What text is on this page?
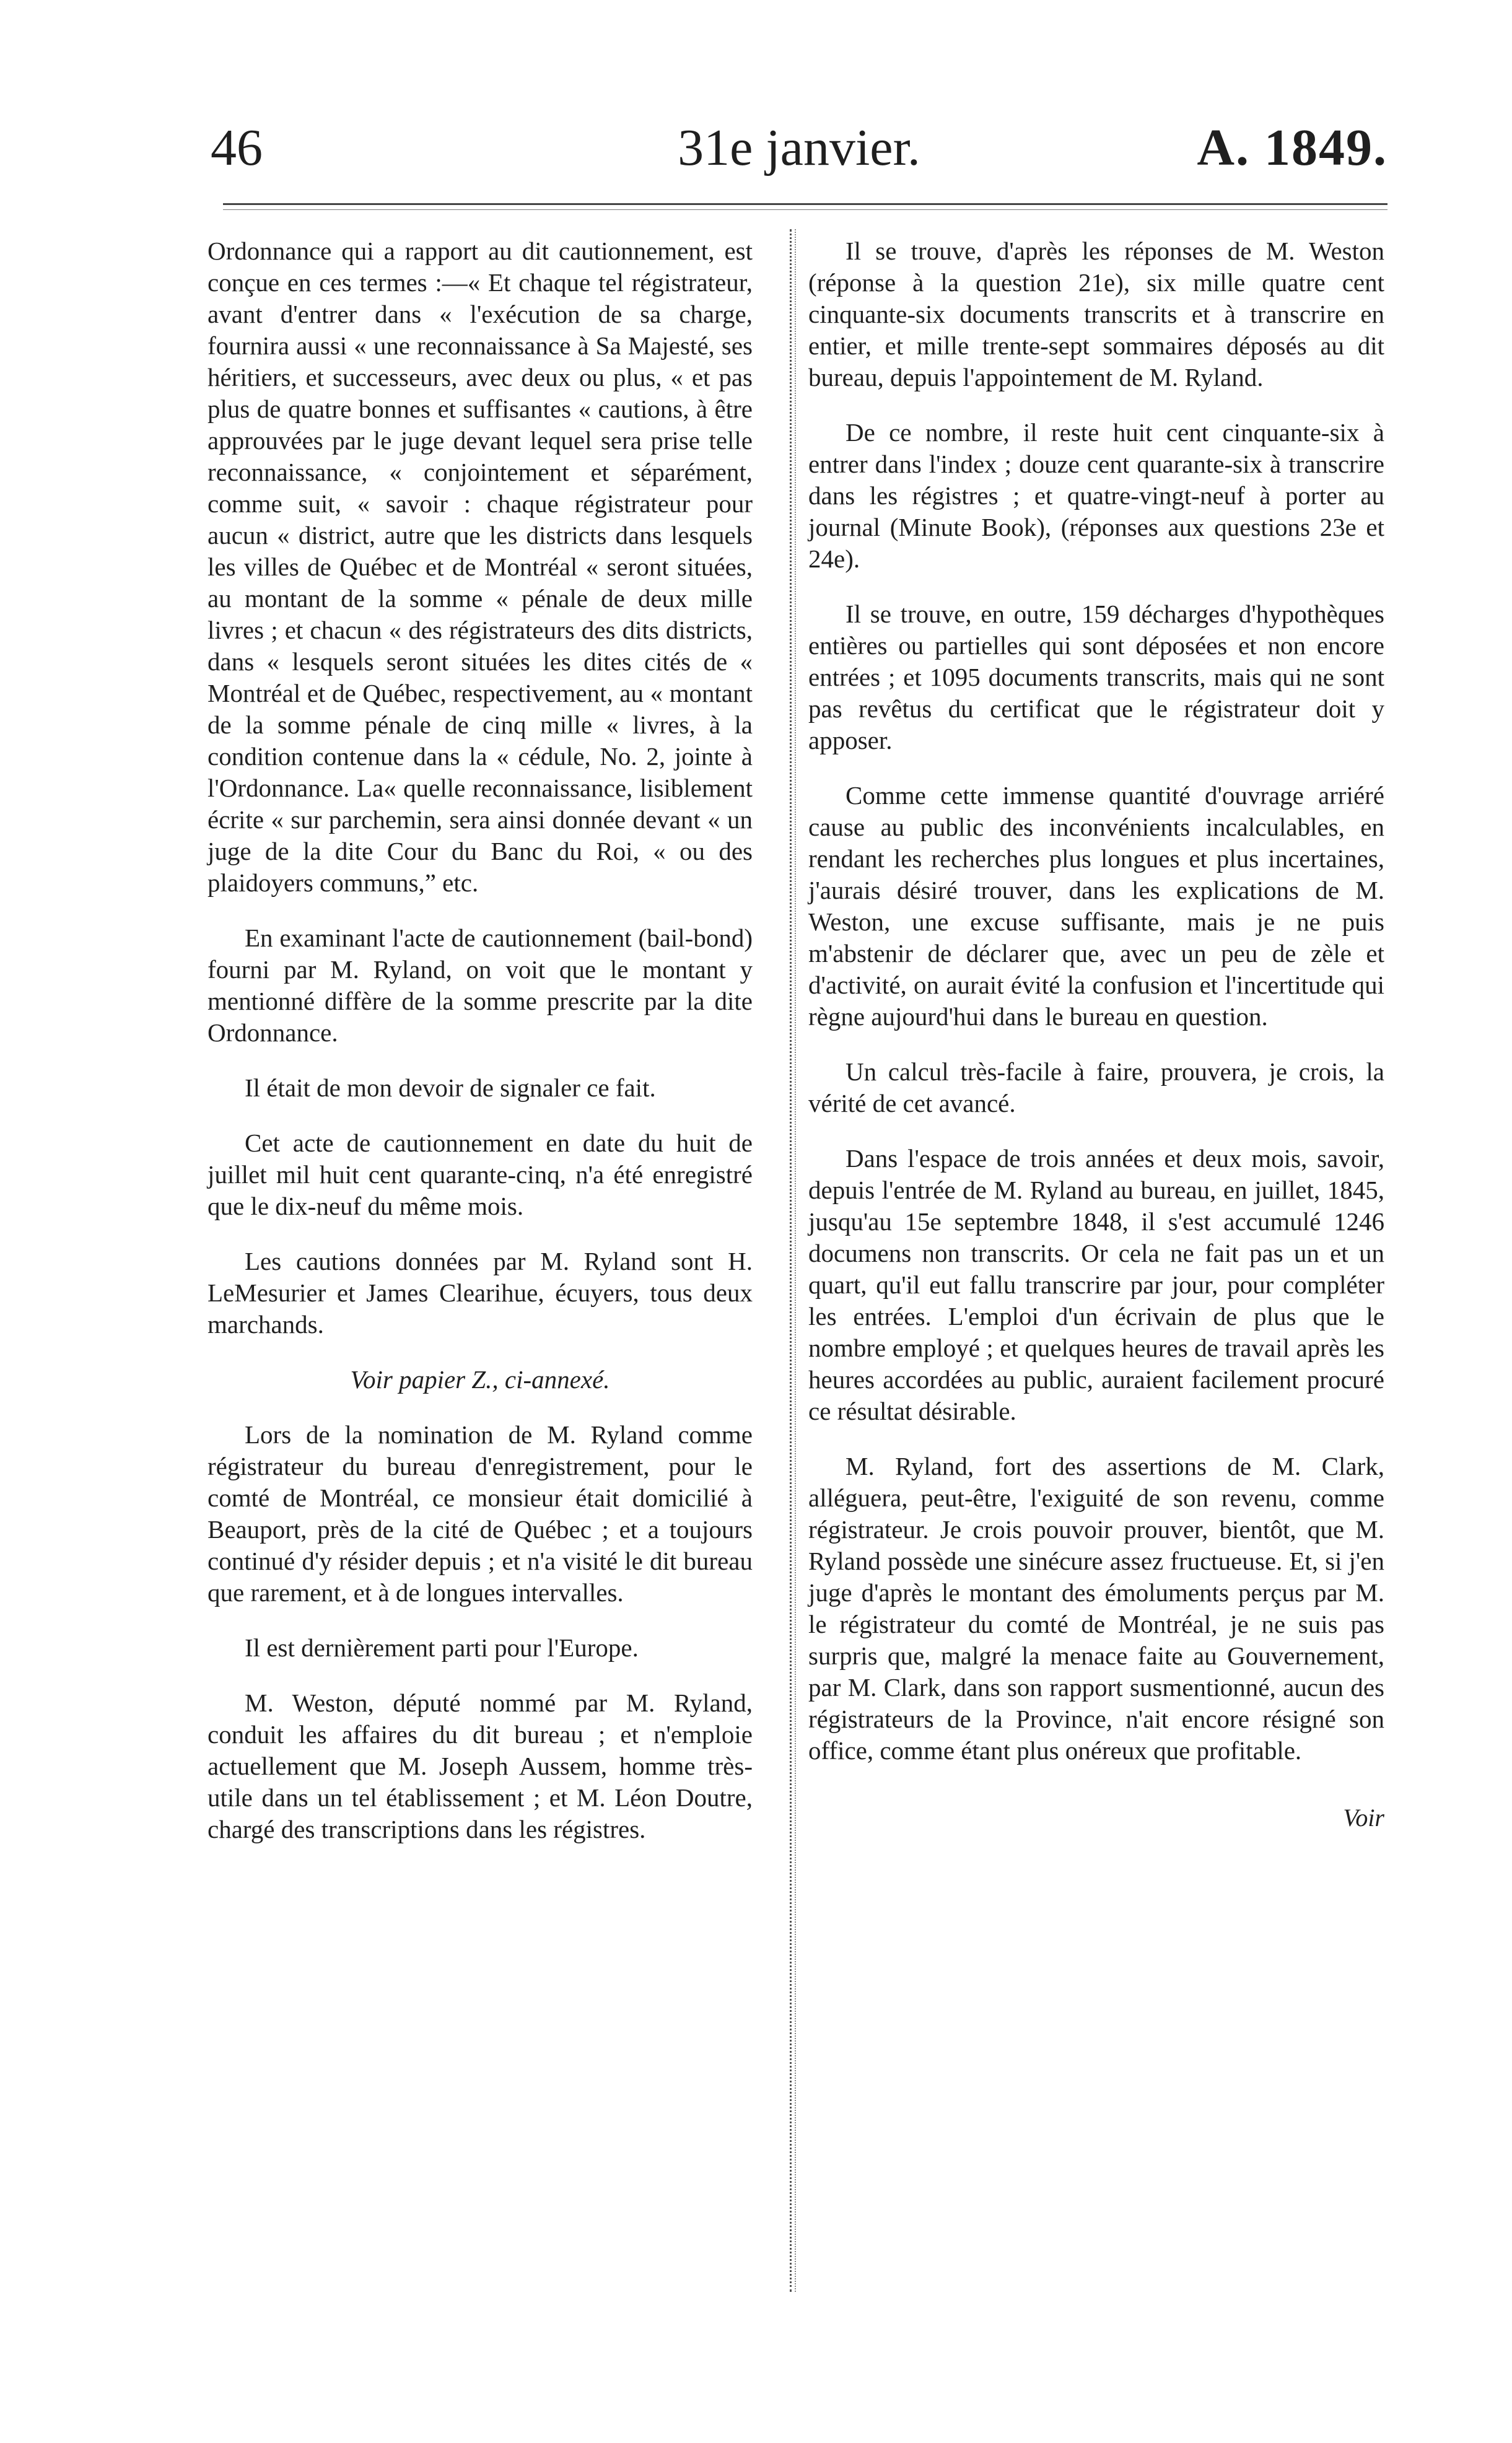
46	31e janvier.	A. 1849.

Ordonnance qui a rapport au dit cautionnement, est conçue en ces termes :—« Et chaque tel régistrateur, avant d'entrer dans « l'exécution de sa charge, fournira aussi « une reconnaissance à Sa Majesté, ses héritiers, et successeurs, avec deux ou plus, « et pas plus de quatre bonnes et suffisantes « cautions, à être approuvées par le juge devant lequel sera prise telle reconnaissance, « conjointement et séparément, comme suit, « savoir : chaque régistrateur pour aucun « district, autre que les districts dans lesquels les villes de Québec et de Montréal « seront situées, au montant de la somme « pénale de deux mille livres ; et chacun « des régistrateurs des dits districts, dans « lesquels seront situées les dites cités de « Montréal et de Québec, respectivement, au « montant de la somme pénale de cinq mille « livres, à la condition contenue dans la « cédule, No. 2, jointe à l'Ordonnance. La« quelle reconnaissance, lisiblement écrite « sur parchemin, sera ainsi donnée devant « un juge de la dite Cour du Banc du Roi, « ou des plaidoyers communs,” etc.

En examinant l'acte de cautionnement (bail-bond) fourni par M. Ryland, on voit que le montant y mentionné diffère de la somme prescrite par la dite Ordonnance.

Il était de mon devoir de signaler ce fait.

Cet acte de cautionnement en date du huit de juillet mil huit cent quarante-cinq, n'a été enregistré que le dix-neuf du même mois.

Les cautions données par M. Ryland sont H. LeMesurier et James Clearihue, écuyers, tous deux marchands.

Voir papier Z., ci-annexé.

Lors de la nomination de M. Ryland comme régistrateur du bureau d'enregistrement, pour le comté de Montréal, ce monsieur était domicilié à Beauport, près de la cité de Québec ; et a toujours continué d'y résider depuis ; et n'a visité le dit bureau que rarement, et à de longues intervalles.

Il est dernièrement parti pour l'Europe.

M. Weston, député nommé par M. Ryland, conduit les affaires du dit bureau ; et n'emploie actuellement que M. Joseph Aussem, homme très-utile dans un tel établissement ; et M. Léon Doutre, chargé des transcriptions dans les régistres.

Il se trouve, d'après les réponses de M. Weston (réponse à la question 21e), six mille quatre cent cinquante-six documents transcrits et à transcrire en entier, et mille trente-sept sommaires déposés au dit bureau, depuis l'appointement de M. Ryland.

De ce nombre, il reste huit cent cinquante-six à entrer dans l'index ; douze cent quarante-six à transcrire dans les régistres ; et quatre-vingt-neuf à porter au journal (Minute Book), (réponses aux questions 23e et 24e).

Il se trouve, en outre, 159 décharges d'hypothèques entières ou partielles qui sont déposées et non encore entrées ; et 1095 documents transcrits, mais qui ne sont pas revêtus du certificat que le régistrateur doit y apposer.

Comme cette immense quantité d'ouvrage arriéré cause au public des inconvénients incalculables, en rendant les recherches plus longues et plus incertaines, j'aurais désiré trouver, dans les explications de M. Weston, une excuse suffisante, mais je ne puis m'abstenir de déclarer que, avec un peu de zèle et d'activité, on aurait évité la confusion et l'incertitude qui règne aujourd'hui dans le bureau en question.

Un calcul très-facile à faire, prouvera, je crois, la vérité de cet avancé.

Dans l'espace de trois années et deux mois, savoir, depuis l'entrée de M. Ryland au bureau, en juillet, 1845, jusqu'au 15e septembre 1848, il s'est accumulé 1246 documens non transcrits. Or cela ne fait pas un et un quart, qu'il eut fallu transcrire par jour, pour compléter les entrées. L'emploi d'un écrivain de plus que le nombre employé ; et quelques heures de travail après les heures accordées au public, auraient facilement procuré ce résultat désirable.

M. Ryland, fort des assertions de M. Clark, alléguera, peut-être, l'exiguité de son revenu, comme régistrateur. Je crois pouvoir prouver, bientôt, que M. Ryland possède une sinécure assez fructueuse. Et, si j'en juge d'après le montant des émoluments perçus par M. le régistrateur du comté de Montréal, je ne suis pas surpris que, malgré la menace faite au Gouvernement, par M. Clark, dans son rapport susmentionné, aucun des régistrateurs de la Province, n'ait encore résigné son office, comme étant plus onéreux que profitable.

Voir
